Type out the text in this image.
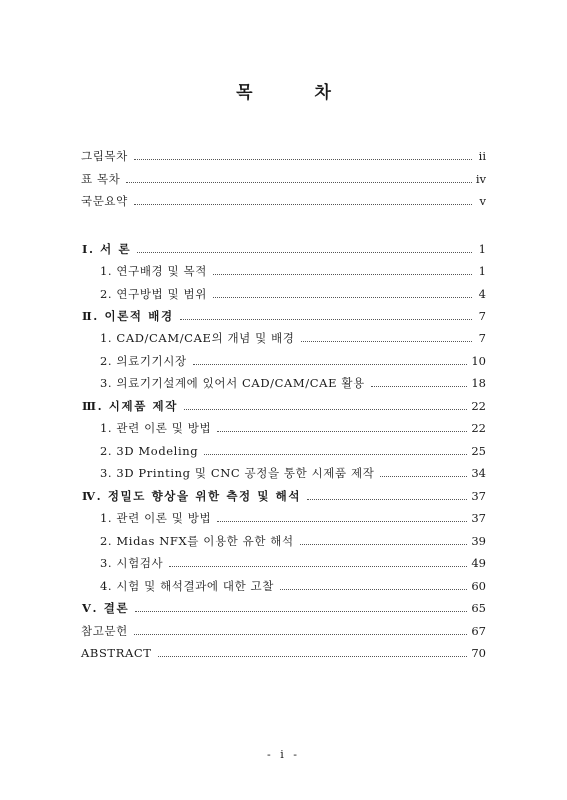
목 차
그림목차	ii
표 목차	ⅳ
국문요약	v
Ⅰ. 서 론	1
1. 연구배경 및 목적	1
2. 연구방법 및 범위	4
Ⅱ. 이론적 배경	7
1. CAD/CAM/CAE의 개념 및 배경	7
2. 의료기기시장	10
3. 의료기기설계에 있어서 CAD/CAM/CAE 활용	18
Ⅲ. 시제품 제작	22
1. 관련 이론 및 방법	22
2. 3D Modeling	25
3. 3D Printing 및 CNC 공정을 통한 시제품 제작	34
Ⅳ. 정밀도 향상을 위한 측정 및 해석	37
1. 관련 이론 및 방법	37
2. Midas NFX를 이용한 유한 해석	39
3. 시험검사	49
4. 시험 및 해석결과에 대한 고찰	60
Ⅴ. 결론	65
참고문헌	67
ABSTRACT	70
- i -
